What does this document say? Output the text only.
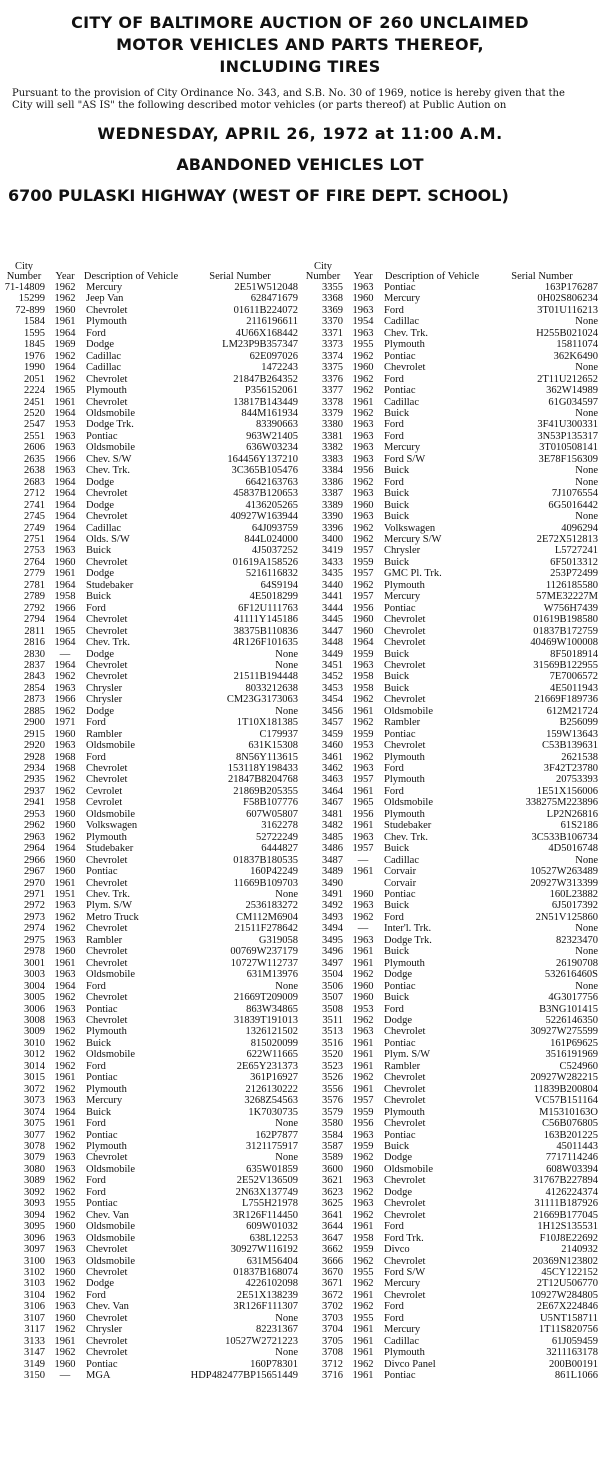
CITY OF BALTIMORE AUCTION OF 260 UNCLAIMED
MOTOR VEHICLES AND PARTS THEREOF,
INCLUDING TIRES
Pursuant to the provision of City Ordinance No. 343, and S.B. No. 30 of 1969, notice is hereby given that the City will sell "AS IS" the following described motor vehicles (or parts thereof) at Public Aution on
WEDNESDAY, APRIL 26, 1972 at 11:00 A.M.
ABANDONED VEHICLES LOT
6700 PULASKI HIGHWAY (WEST OF FIRE DEPT. SCHOOL)
City Number	Year	Description of Vehicle	Serial Number
71-14809	1962	Mercury	2E51W512048
15299	1962	Jeep Van	628471679
72-899	1960	Chevrolet	01611B224072
1584	1961	Plymouth	2116196611
1595	1964	Ford	4U66X168442
1845	1969	Dodge	LM23P9B357347
1976	1962	Cadillac	62E097026
1990	1964	Cadillac	1472243
2051	1962	Chevrolet	21847B264352
2224	1965	Plymouth	P356152061
2451	1961	Chevrolet	13817B143449
2520	1964	Oldsmobile	844M161934
2547	1953	Dodge Trk.	83390663
2551	1963	Pontiac	963W21405
2606	1963	Oldsmobile	636W03234
2635	1966	Chev. S/W	164456Y137210
2638	1963	Chev. Trk.	3C365B105476
2683	1964	Dodge	6642163763
2712	1964	Chevrolet	45837B120653
2741	1964	Dodge	4136205265
2745	1964	Chevrolet	40927W163944
2749	1964	Cadillac	64J093759
2751	1964	Olds. S/W	844L024000
2753	1963	Buick	4J5037252
2764	1960	Chevrolet	01619A158526
2779	1961	Dodge	5216116832
2781	1964	Studebaker	64S9194
2789	1958	Buick	4E5018299
2792	1966	Ford	6F12U111763
2794	1964	Chevrolet	41111Y145186
2811	1965	Chevrolet	38375B110836
2816	1964	Chev. Trk.	4R126F101635
2830	—	Dodge	None
2837	1964	Chevrolet	None
2843	1962	Chevrolet	21511B194448
2854	1963	Chrysler	8033212638
2873	1966	Chrysler	CM23G3173063
2885	1962	Dodge	None
2900	1971	Ford	1T10X181385
2915	1960	Rambler	C179937
2920	1963	Oldsmobile	631K15308
2928	1968	Ford	8N56Y113615
2934	1968	Chevrolet	153118Y198433
2935	1962	Chevrolet	21847B8204768
2937	1962	Cevrolet	21869B205355
2941	1958	Cevrolet	F58B107776
2953	1960	Oldsmobile	607W05807
2962	1960	Volkswagen	3162278
2963	1962	Plymouth	52722249
2964	1964	Studebaker	6444827
2966	1960	Chevrolet	01837B180535
2967	1960	Pontiac	160P42249
2970	1961	Chevrolet	11669B109703
2971	1951	Chev. Trk.	None
2972	1963	Plym. S/W	2536183272
2973	1962	Metro Truck	CM112M6904
2974	1962	Chevrolet	21511F278642
2975	1963	Rambler	G319058
2978	1960	Chevrolet	00769W237179
3001	1961	Chevrolet	10727W112737
3003	1963	Oldsmobile	631M13976
3004	1964	Ford	None
3005	1962	Chevrolet	21669T209009
3006	1963	Pontiac	863W34865
3008	1963	Chevrolet	31839T191013
3009	1962	Plymouth	1326121502
3010	1962	Buick	815020099
3012	1962	Oldsmobile	622W11665
3014	1962	Ford	2E65Y231373
3015	1961	Pontiac	361P16927
3072	1962	Plymouth	2126130222
3073	1963	Mercury	3268Z54563
3074	1964	Buick	1K7030735
3075	1961	Ford	None
3077	1962	Pontiac	162P7877
3078	1962	Plymouth	3121175917
3079	1963	Chevrolet	None
3080	1963	Oldsmobile	635W01859
3089	1962	Ford	2E52V136509
3092	1962	Ford	2N63X137749
3093	1955	Pontiac	L755H21978
3094	1962	Chev. Van	3R126F114450
3095	1960	Oldsmobile	609W01032
3096	1963	Oldsmobile	638L12253
3097	1963	Chevrolet	30927W116192
3100	1963	Oldsmobile	631M56404
3102	1960	Chevrolet	01837B168074
3103	1962	Dodge	4226102098
3104	1962	Ford	2E51X138239
3106	1963	Chev. Van	3R126F111307
3107	1960	Chevrolet	None
3117	1962	Chrysler	82231367
3133	1961	Chevrolet	10527W2721223
3147	1962	Chevrolet	None
3149	1960	Pontiac	160P78301
3150	—	MGA	HDP482477BP15651449
City Number	Year	Description of Vehicle	Serial Number
3355	1963	Pontiac	163P176287
3368	1960	Mercury	0H02S806234
3369	1963	Ford	3T01U116213
3370	1954	Cadillac	None
3371	1963	Chev. Trk.	H255B021024
3373	1955	Plymouth	15811074
3374	1962	Pontiac	362K6490
3375	1960	Chevrolet	None
3376	1962	Ford	2T11U212652
3377	1962	Pontiac	362W14989
3378	1961	Cadillac	61G034597
3379	1962	Buick	None
3380	1963	Ford	3F41U300331
3381	1963	Ford	3N53P135317
3382	1963	Mercury	3T010508141
3383	1963	Ford S/W	3E78F156309
3384	1956	Buick	None
3386	1962	Ford	None
3387	1963	Buick	7J1076554
3389	1960	Buick	6G5016442
3390	1963	Buick	None
3396	1962	Volkswagen	4096294
3400	1962	Mercury S/W	2E72X512813
3419	1957	Chrysler	L5727241
3433	1959	Buick	6F5013312
3435	1957	GMC Pl. Trk.	253P72499
3440	1962	Plymouth	1126185580
3441	1957	Mercury	57ME32227M
3444	1956	Pontiac	W756H7439
3445	1960	Chevrolet	01619B198580
3447	1960	Chevrolet	01837B172759
3448	1964	Chevrolet	40469W100008
3449	1959	Buick	8F5018914
3451	1963	Chevrolet	31569B122955
3452	1958	Buick	7E7006572
3453	1958	Buick	4E5011943
3454	1962	Chevrolet	21669F189736
3456	1961	Oldsmobile	612M21724
3457	1962	Rambler	B256099
3459	1959	Pontiac	159W13643
3460	1953	Chevrolet	C53B139631
3461	1962	Plymouth	2621538
3462	1963	Ford	3F42T23780
3463	1957	Plymouth	20753393
3464	1961	Ford	1E51X156006
3467	1965	Oldsmobile	338275M223896
3481	1956	Plymouth	LP2N26816
3482	1961	Studebaker	61S2186
3485	1963	Chev. Trk.	3C533B106734
3486	1957	Buick	4D5016748
3487	—	Cadillac	None
3489	1961	Corvair	10527W263489
3490		Corvair	20927W313399
3491	1960	Pontiac	160L23882
3492	1963	Buick	6J5017392
3493	1962	Ford	2N51V125860
3494	—	Inter'l. Trk.	None
3495	1963	Dodge Trk.	82323470
3496	1961	Buick	None
3497	1961	Plymouth	26190708
3504	1962	Dodge	532616460S
3506	1960	Pontiac	None
3507	1960	Buick	4G3017756
3508	1953	Ford	B3NG101415
3511	1962	Dodge	5226146350
3513	1963	Chevrolet	30927W275599
3516	1961	Pontiac	161P69625
3520	1961	Plym. S/W	3516191969
3523	1961	Rambler	C524960
3526	1962	Chevrolet	20927W282215
3556	1961	Chevrolet	11839B200804
3576	1957	Chevrolet	VC57B151164
3579	1959	Plymouth	M15310163O
3580	1956	Chevrolet	C56B076805
3584	1963	Pontiac	163B201225
3587	1959	Buick	45011443
3589	1962	Dodge	7717114246
3600	1960	Oldsmobile	608W03394
3621	1963	Chevrolet	31767B227894
3623	1962	Dodge	4126224374
3625	1963	Chevrolet	31111B187926
3641	1962	Chevrolet	21669B177045
3644	1961	Ford	1H12S135531
3647	1958	Ford Trk.	F10J8E22692
3662	1959	Divco	2140932
3666	1962	Chevrolet	20369N123802
3670	1955	Ford S/W	45CY122152
3671	1962	Mercury	2T12U506770
3672	1961	Chevrolet	10927W284805
3702	1962	Ford	2E67X224846
3703	1955	Ford	U5NT158711
3704	1961	Mercury	1T11S820756
3705	1961	Cadillac	61J059459
3708	1961	Plymouth	3211163178
3712	1962	Divco Panel	200B00191
3716	1961	Pontiac	861L1066
